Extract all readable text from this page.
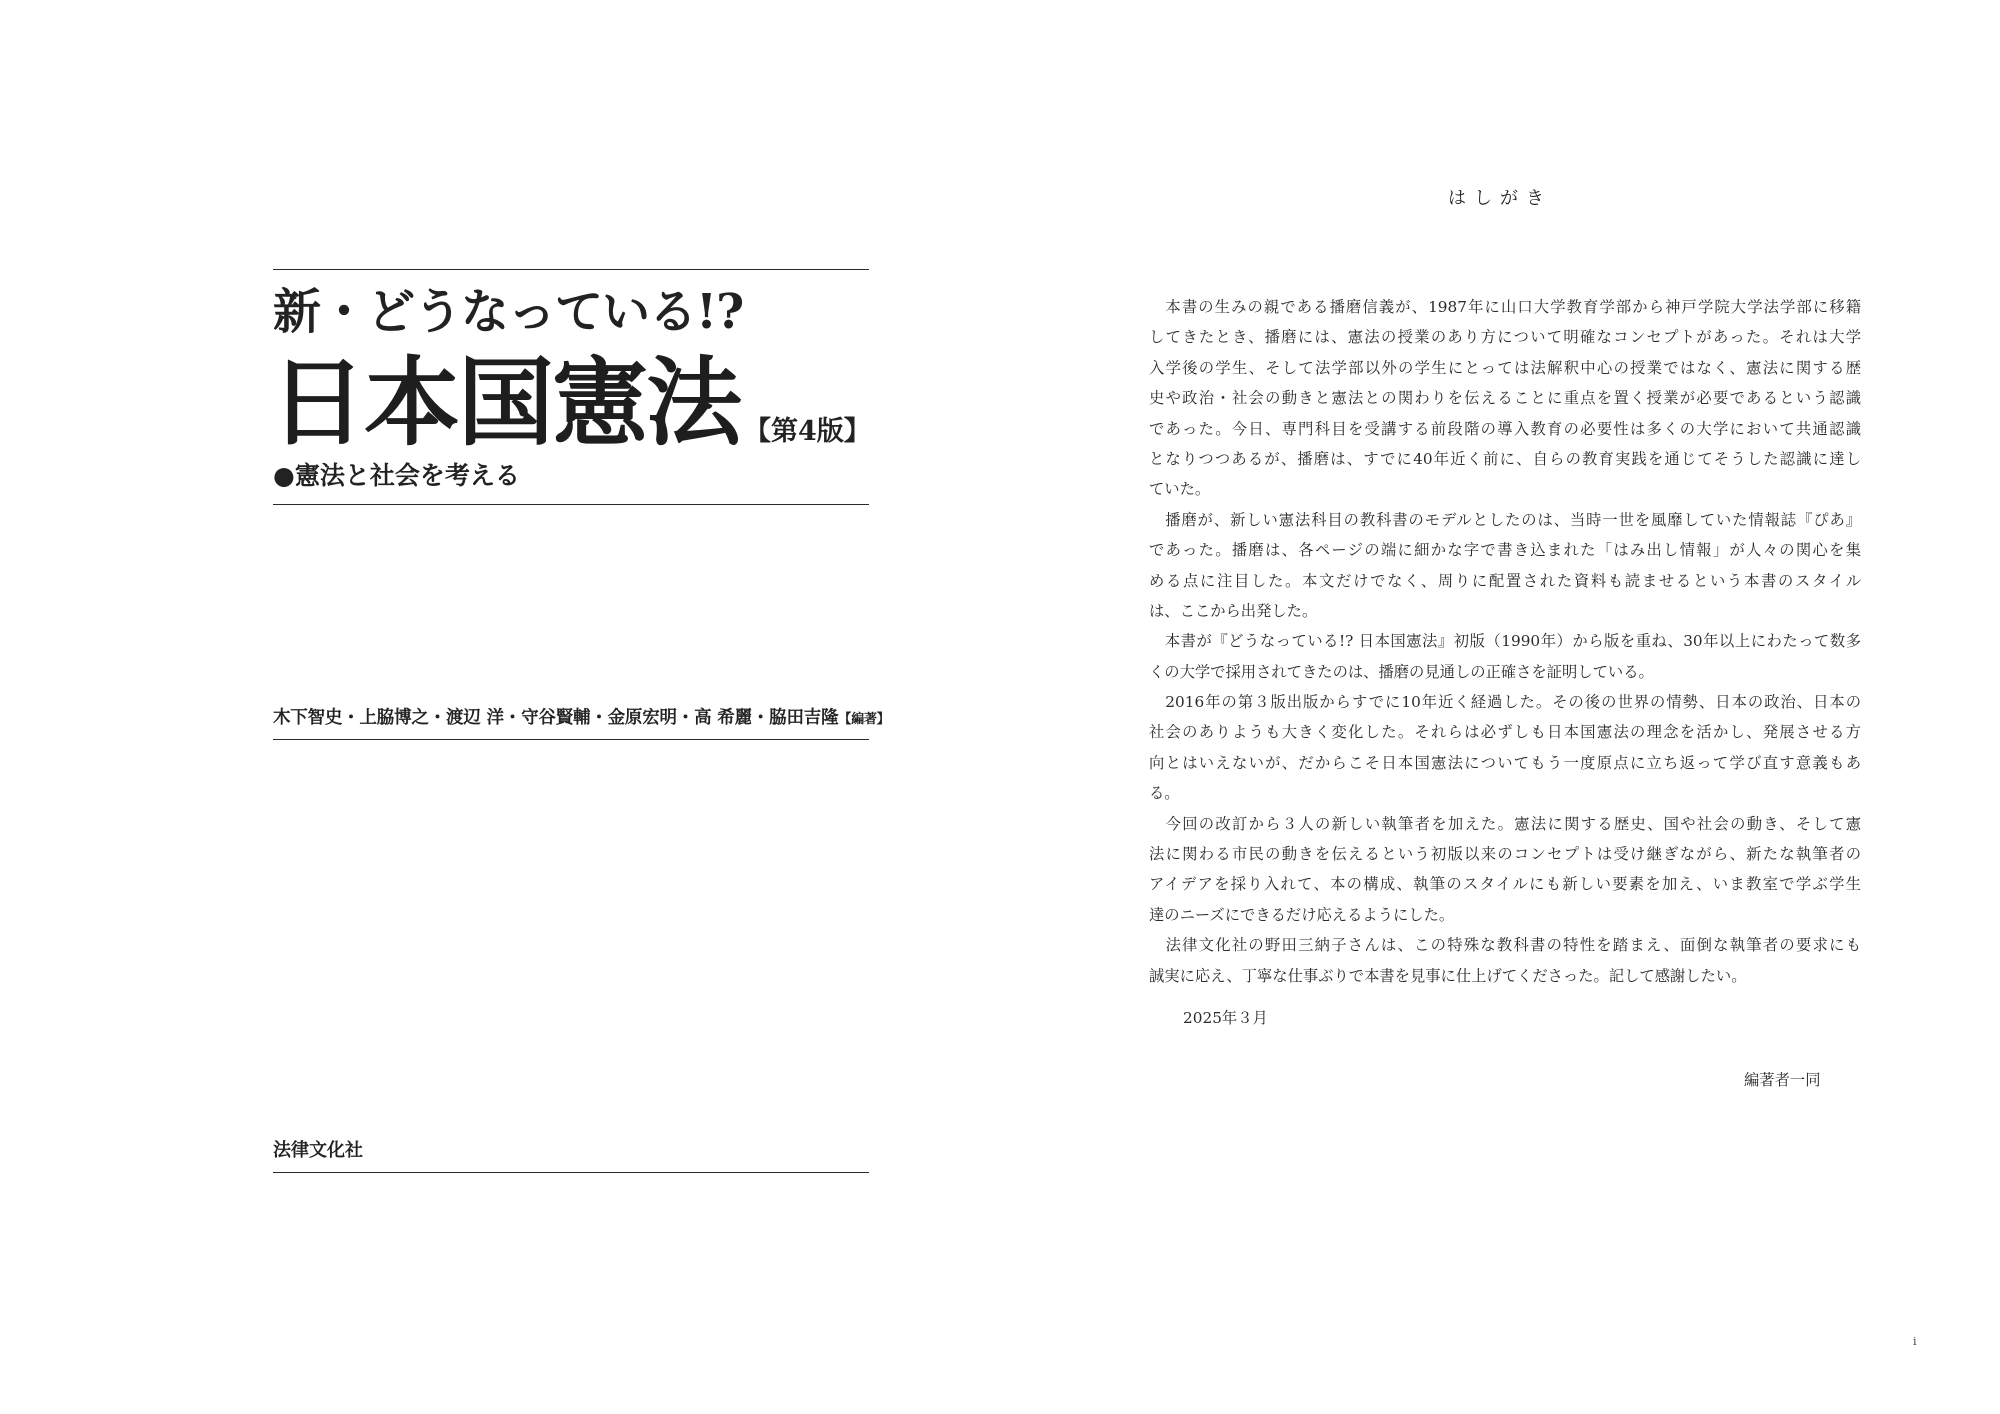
新・どうなっている!?
日本国憲法 【第4版】
●憲法と社会を考える
木下智史・上脇博之・渡辺 洋・守谷賢輔・金原宏明・高 希麗・脇田吉隆【編著】
法律文化社
はしがき
　本書の生みの親である播磨信義が、1987年に山口大学教育学部から神戸学院大学法学部に移籍
してきたとき、播磨には、憲法の授業のあり方について明確なコンセプトがあった。それは大学
入学後の学生、そして法学部以外の学生にとっては法解釈中心の授業ではなく、憲法に関する歴
史や政治・社会の動きと憲法との関わりを伝えることに重点を置く授業が必要であるという認識
であった。今日、専門科目を受講する前段階の導入教育の必要性は多くの大学において共通認識
となりつつあるが、播磨は、すでに40年近く前に、自らの教育実践を通じてそうした認識に達し
ていた。
　播磨が、新しい憲法科目の教科書のモデルとしたのは、当時一世を風靡していた情報誌『ぴあ』
であった。播磨は、各ページの端に細かな字で書き込まれた「はみ出し情報」が人々の関心を集
める点に注目した。本文だけでなく、周りに配置された資料も読ませるという本書のスタイル
は、ここから出発した。
　本書が『どうなっている!? 日本国憲法』初版（1990年）から版を重ね、30年以上にわたって数多
くの大学で採用されてきたのは、播磨の見通しの正確さを証明している。
　2016年の第３版出版からすでに10年近く経過した。その後の世界の情勢、日本の政治、日本の
社会のありようも大きく変化した。それらは必ずしも日本国憲法の理念を活かし、発展させる方
向とはいえないが、だからこそ日本国憲法についてもう一度原点に立ち返って学び直す意義もあ
る。
　今回の改訂から３人の新しい執筆者を加えた。憲法に関する歴史、国や社会の動き、そして憲
法に関わる市民の動きを伝えるという初版以来のコンセプトは受け継ぎながら、新たな執筆者の
アイデアを採り入れて、本の構成、執筆のスタイルにも新しい要素を加え、いま教室で学ぶ学生
達のニーズにできるだけ応えるようにした。
　法律文化社の野田三納子さんは、この特殊な教科書の特性を踏まえ、面倒な執筆者の要求にも
誠実に応え、丁寧な仕事ぶりで本書を見事に仕上げてくださった。記して感謝したい。
2025年３月
編著者一同
i
